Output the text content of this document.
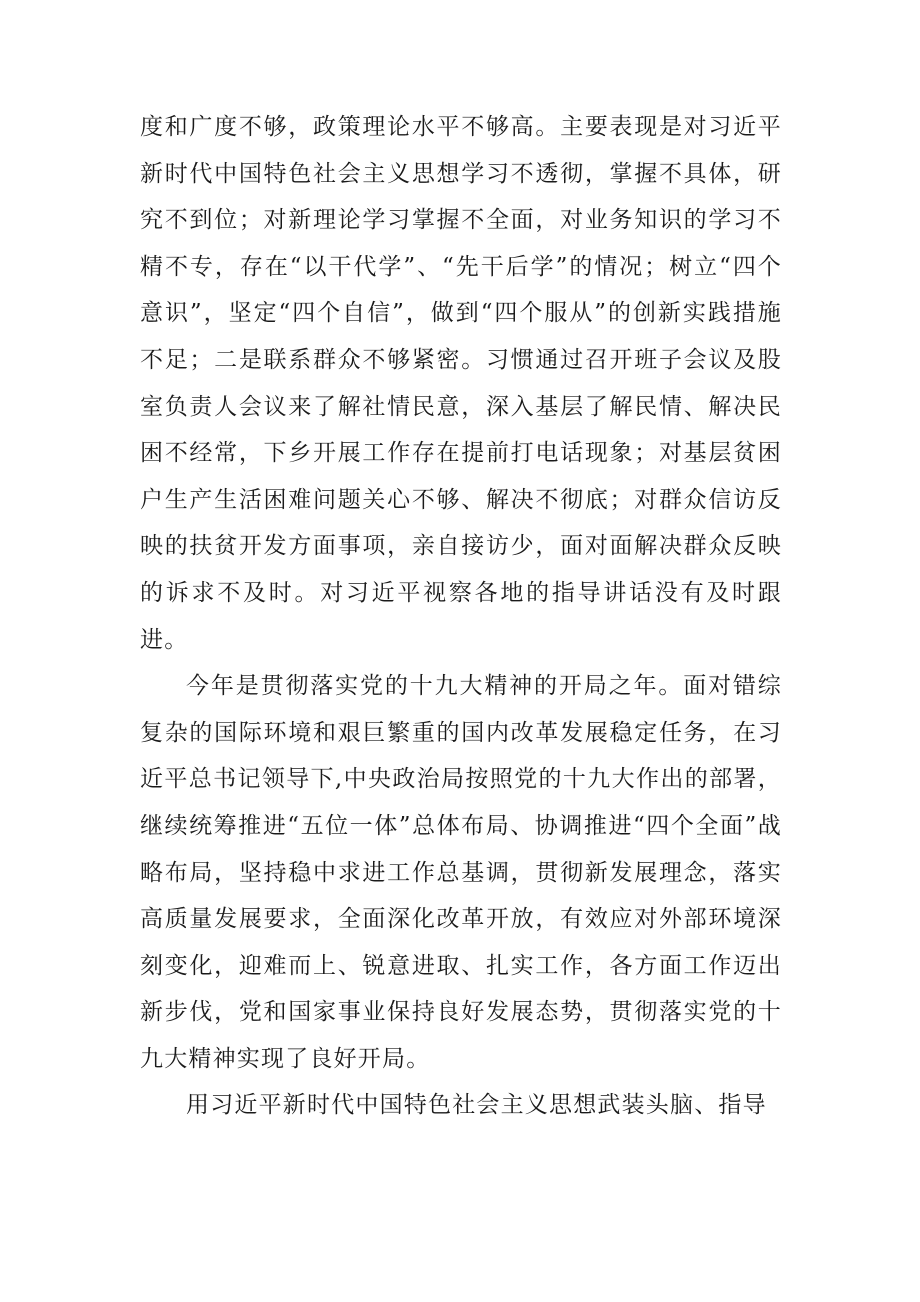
度和广度不够，政策理论水平不够高。主要表现是对习近平新时代中国特色社会主义思想学习不透彻，掌握不具体，研究不到位；对新理论学习掌握不全面，对业务知识的学习不精不专，存在“以干代学”、“先干后学”的情况；树立“四个意识”，坚定“四个自信”，做到“四个服从”的创新实践措施不足；二是联系群众不够紧密。习惯通过召开班子会议及股室负责人会议来了解社情民意，深入基层了解民情、解决民困不经常，下乡开展工作存在提前打电话现象；对基层贫困户生产生活困难问题关心不够、解决不彻底；对群众信访反映的扶贫开发方面事项，亲自接访少，面对面解决群众反映的诉求不及时。对习近平视察各地的指导讲话没有及时跟进。

今年是贯彻落实党的十九大精神的开局之年。面对错综复杂的国际环境和艰巨繁重的国内改革发展稳定任务，在习近平总书记领导下,中央政治局按照党的十九大作出的部署，继续统筹推进“五位一体”总体布局、协调推进“四个全面”战略布局，坚持稳中求进工作总基调，贯彻新发展理念，落实高质量发展要求，全面深化改革开放，有效应对外部环境深刻变化，迎难而上、锐意进取、扎实工作，各方面工作迈出新步伐，党和国家事业保持良好发展态势，贯彻落实党的十九大精神实现了良好开局。

用习近平新时代中国特色社会主义思想武装头脑、指导
